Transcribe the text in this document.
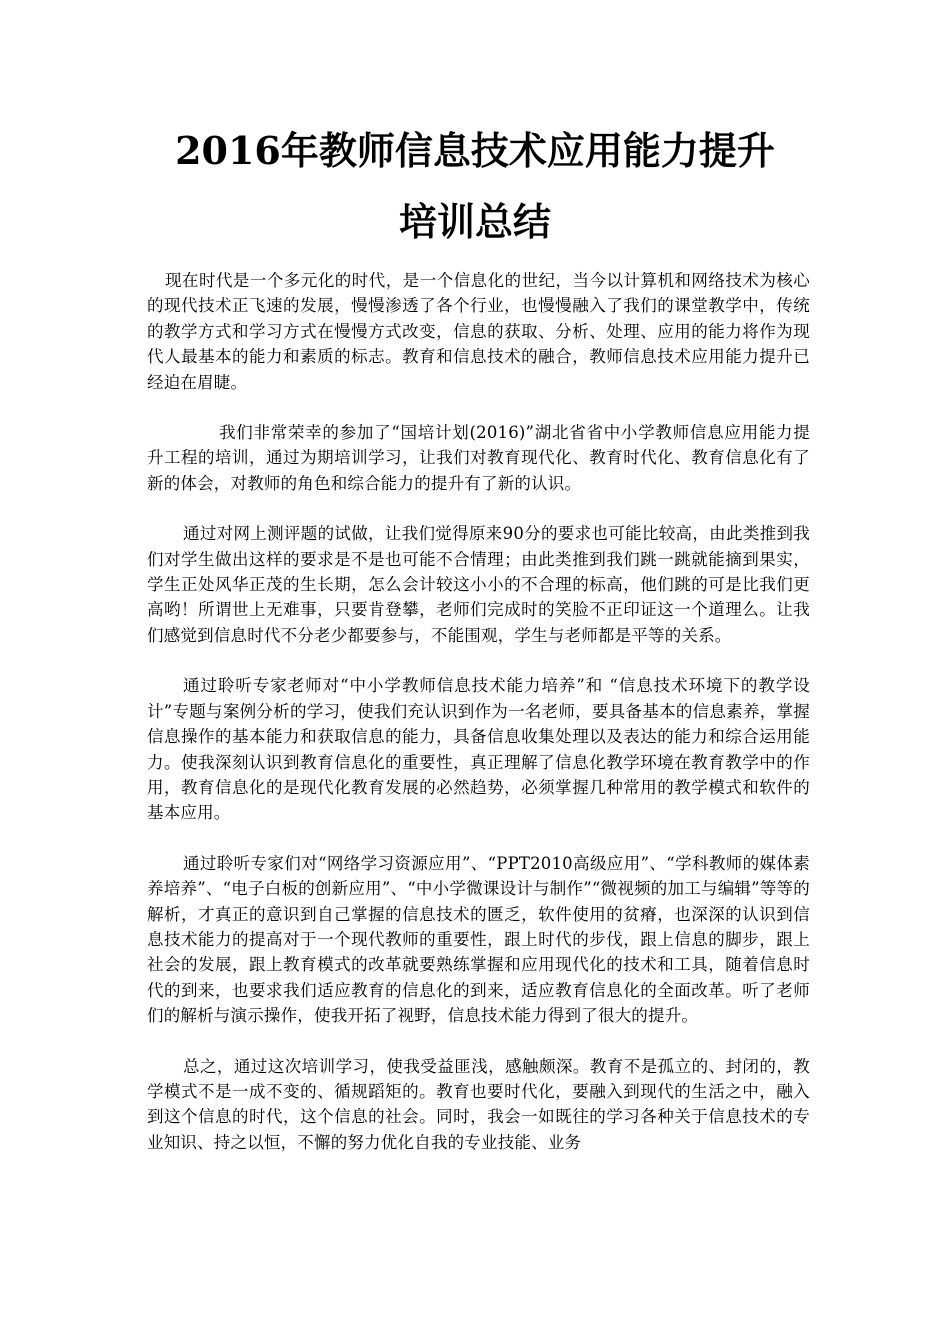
2016年教师信息技术应用能力提升
培训总结

现在时代是一个多元化的时代，是一个信息化的世纪，当今以计算机和网络技术为核心的现代技术正飞速的发展，慢慢渗透了各个行业，也慢慢融入了我们的课堂教学中，传统的教学方式和学习方式在慢慢方式改变，信息的获取、分析、处理、应用的能力将作为现代人最基本的能力和素质的标志。教育和信息技术的融合，教师信息技术应用能力提升已经迫在眉睫。

我们非常荣幸的参加了“国培计划(2016)”湖北省省中小学教师信息应用能力提升工程的培训，通过为期培训学习，让我们对教育现代化、教育时代化、教育信息化有了新的体会，对教师的角色和综合能力的提升有了新的认识。

通过对网上测评题的试做，让我们觉得原来90分的要求也可能比较高，由此类推到我们对学生做出这样的要求是不是也可能不合情理；由此类推到我们跳一跳就能摘到果实，学生正处风华正茂的生长期，怎么会计较这小小的不合理的标高，他们跳的可是比我们更高哟！所谓世上无难事，只要肯登攀，老师们完成时的笑脸不正印证这一个道理么。让我们感觉到信息时代不分老少都要参与，不能围观，学生与老师都是平等的关系。

通过聆听专家老师对“中小学教师信息技术能力培养”和 “信息技术环境下的教学设计”专题与案例分析的学习，使我们充认识到作为一名老师，要具备基本的信息素养，掌握信息操作的基本能力和获取信息的能力，具备信息收集处理以及表达的能力和综合运用能力。使我深刻认识到教育信息化的重要性，真正理解了信息化教学环境在教育教学中的作用，教育信息化的是现代化教育发展的必然趋势，必须掌握几种常用的教学模式和软件的基本应用。

通过聆听专家们对“网络学习资源应用”、“PPT2010高级应用”、“学科教师的媒体素养培养”、“电子白板的创新应用”、“中小学微课设计与制作”“微视频的加工与编辑”等等的解析，才真正的意识到自己掌握的信息技术的匮乏，软件使用的贫瘠，也深深的认识到信息技术能力的提高对于一个现代教师的重要性，跟上时代的步伐，跟上信息的脚步，跟上社会的发展，跟上教育模式的改革就要熟练掌握和应用现代化的技术和工具，随着信息时代的到来，也要求我们适应教育的信息化的到来，适应教育信息化的全面改革。听了老师们的解析与演示操作，使我开拓了视野，信息技术能力得到了很大的提升。

总之，通过这次培训学习，使我受益匪浅，感触颇深。教育不是孤立的、封闭的，教学模式不是一成不变的、循规蹈矩的。教育也要时代化，要融入到现代的生活之中，融入到这个信息的时代，这个信息的社会。同时，我会一如既往的学习各种关于信息技术的专业知识、持之以恒，不懈的努力优化自我的专业技能、业务
